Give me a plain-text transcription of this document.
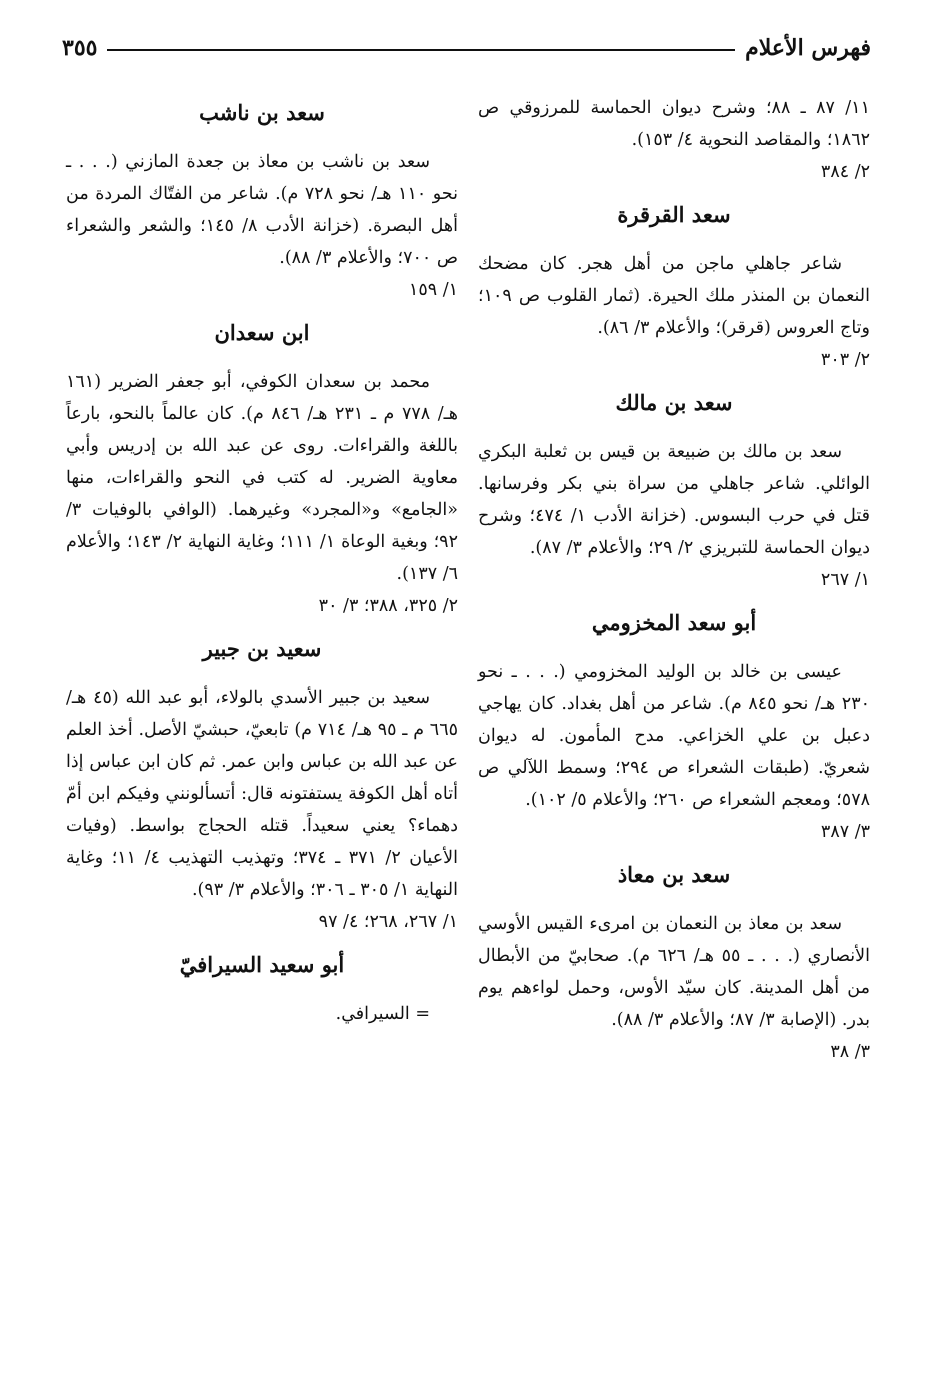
فهرس الأعلام
٣٥٥

١١/ ٨٧ ـ ٨٨؛ وشرح ديوان الحماسة للمرزوقي ص ١٨٦٢؛ والمقاصد النحوية ٤/ ١٥٣).

٢/ ٣٨٤
سعد القرقرة

شاعر جاهلي ماجن من أهل هجر. كان مضحك النعمان بن المنذر ملك الحيرة. (ثمار القلوب ص ١٠٩؛ وتاج العروس (قرقر)؛ والأعلام ٣/ ٨٦).

٢/ ٣٠٣
سعد بن مالك

سعد بن مالك بن ضبيعة بن قيس بن ثعلبة البكري الوائلي. شاعر جاهلي من سراة بني بكر وفرسانها. قتل في حرب البسوس. (خزانة الأدب ١/ ٤٧٤؛ وشرح ديوان الحماسة للتبريزي ٢/ ٢٩؛ والأعلام ٣/ ٨٧).

١/ ٢٦٧
أبو سعد المخزومي

عيسى بن خالد بن الوليد المخزومي (. . . ـ نحو ٢٣٠ هـ/ نحو ٨٤٥ م). شاعر من أهل بغداد. كان يهاجي دعبل بن علي الخزاعي. مدح المأمون. له ديوان شعريّ. (طبقات الشعراء ص ٢٩٤؛ وسمط اللآلي ص ٥٧٨؛ ومعجم الشعراء ص ٢٦٠؛ والأعلام ٥/ ١٠٢).

٣/ ٣٨٧
سعد بن معاذ

سعد بن معاذ بن النعمان بن امرىء القيس الأوسي الأنصاري (. . . ـ ٥٥ هـ/ ٦٢٦ م). صحابيّ من الأبطال من أهل المدينة. كان سيّد الأوس، وحمل لواءهم يوم بدر. (الإصابة ٣/ ٨٧؛ والأعلام ٣/ ٨٨).

٣/ ٣٨
سعد بن ناشب

سعد بن ناشب بن معاذ بن جعدة المازني (. . . ـ نحو ١١٠ هـ/ نحو ٧٢٨ م). شاعر من الفتّاك المردة من أهل البصرة. (خزانة الأدب ٨/ ١٤٥؛ والشعر والشعراء ص ٧٠٠؛ والأعلام ٣/ ٨٨).

١/ ١٥٩
ابن سعدان

محمد بن سعدان الكوفي، أبو جعفر الضرير (١٦١ هـ/ ٧٧٨ م ـ ٢٣١ هـ/ ٨٤٦ م). كان عالماً بالنحو، بارعاً باللغة والقراءات. روى عن عبد الله بن إدريس وأبي معاوية الضرير. له كتب في النحو والقراءات، منها «الجامع» و«المجرد» وغيرهما. (الوافي بالوفيات ٣/ ٩٢؛ وبغية الوعاة ١/ ١١١؛ وغاية النهاية ٢/ ١٤٣؛ والأعلام ٦/ ١٣٧).

٢/ ٣٢٥، ٣٨٨؛ ٣/ ٣٠
سعيد بن جبير

سعيد بن جبير الأسدي بالولاء، أبو عبد الله (٤٥ هـ/ ٦٦٥ م ـ ٩٥ هـ/ ٧١٤ م) تابعيّ، حبشيّ الأصل. أخذ العلم عن عبد الله بن عباس وابن عمر. ثم كان ابن عباس إذا أتاه أهل الكوفة يستفتونه قال: أتسألونني وفيكم ابن أمّ دهماء؟ يعني سعيداً. قتله الحجاج بواسط. (وفيات الأعيان ٢/ ٣٧١ ـ ٣٧٤؛ وتهذيب التهذيب ٤/ ١١؛ وغاية النهاية ١/ ٣٠٥ ـ ٣٠٦؛ والأعلام ٣/ ٩٣).

١/ ٢٦٧، ٢٦٨؛ ٤/ ٩٧
أبو سعيد السيرافيّ

= السيرافي.
